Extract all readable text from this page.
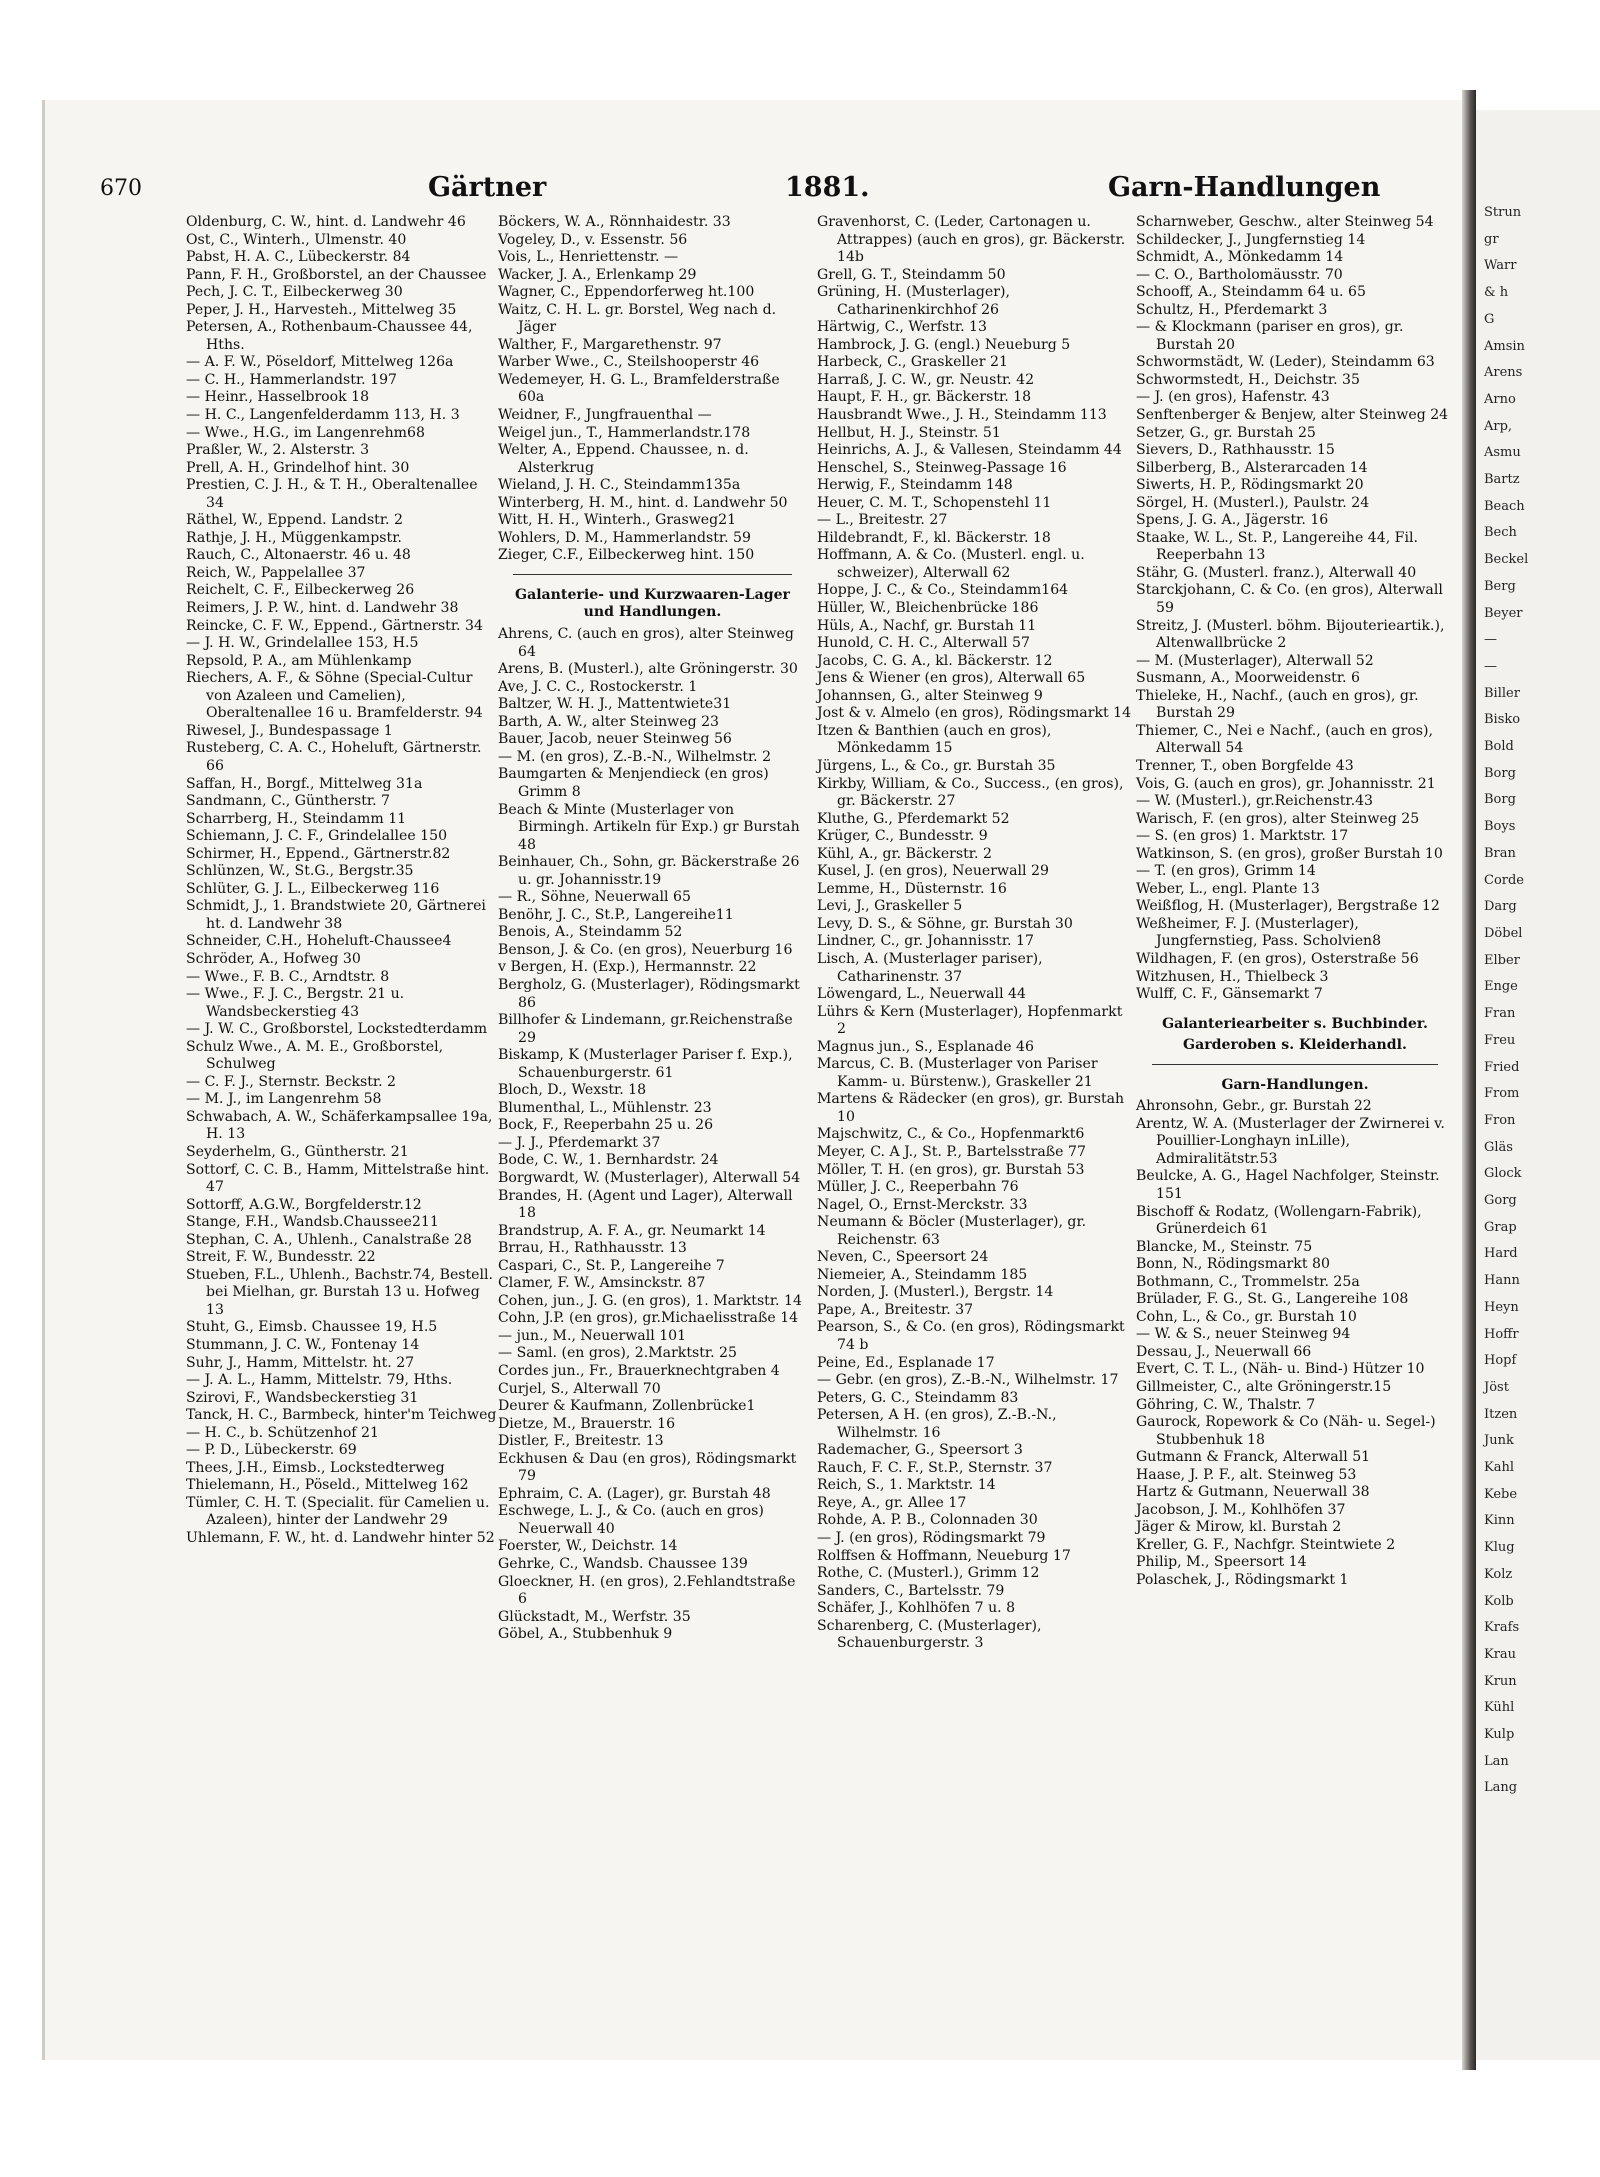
Strun
gr
Warr
& h
G
Amsin
Arens
Arno
Arp,
Asmu
Bartz
Beach
Bech
Beckel
Berg
Beyer
—
—
Biller
Bisko
Bold
Borg
Borg
Boys
Bran
Corde
Darg
Döbel
Elber
Enge
Fran
Freu
Fried
From
Fron
Gläs
Glock
Gorg
Grap
Hard
Hann
Heyn
Hoffr
Hopf
Jöst
Itzen
Junk
Kahl
Kebe
Kinn
Klug
Kolz
Kolb
Krafs
Krau
Krun
Kühl
Kulp
Lan
Lang
670	Gärtner	1881.	Garn-Handlungen
Oldenburg, C. W., hint. d. Landwehr 46
Ost, C., Winterh., Ulmenstr. 40
Pabst, H. A. C., Lübeckerstr. 84
Pann, F. H., Großborstel, an der Chaussee
Pech, J. C. T., Eilbeckerweg 30
Peper, J. H., Harvesteh., Mittelweg 35
Petersen, A., Rothenbaum-Chaussee 44, Hths.
— A. F. W., Pöseldorf, Mittelweg 126a
— C. H., Hammerlandstr. 197
— Heinr., Hasselbrook 18
— H. C., Langenfelderdamm 113, H. 3
— Wwe., H.G., im Langenrehm68
Praßler, W., 2. Alsterstr. 3
Prell, A. H., Grindelhof hint. 30
Prestien, C. J. H., & T. H., Oberaltenallee 34
Räthel, W., Eppend. Landstr. 2
Rathje, J. H., Müggenkampstr.
Rauch, C., Altonaerstr. 46 u. 48
Reich, W., Pappelallee 37
Reichelt, C. F., Eilbeckerweg 26
Reimers, J. P. W., hint. d. Landwehr 38
Reincke, C. F. W., Eppend., Gärtnerstr. 34
— J. H. W., Grindelallee 153, H.5
Repsold, P. A., am Mühlenkamp
Riechers, A. F., & Söhne (Special-Cultur von Azaleen und Camelien), Oberaltenallee 16 u. Bramfelderstr. 94
Riwesel, J., Bundespassage 1
Rusteberg, C. A. C., Hoheluft, Gärtnerstr. 66
Saffan, H., Borgf., Mittelweg 31a
Sandmann, C., Güntherstr. 7
Scharrberg, H., Steindamm 11
Schiemann, J. C. F., Grindelallee 150
Schirmer, H., Eppend., Gärtnerstr.82
Schlünzen, W., St.G., Bergstr.35
Schlüter, G. J. L., Eilbeckerweg 116
Schmidt, J., 1. Brandstwiete 20, Gärtnerei ht. d. Landwehr 38
Schneider, C.H., Hoheluft-Chaussee4
Schröder, A., Hofweg 30
— Wwe., F. B. C., Arndtstr. 8
— Wwe., F. J. C., Bergstr. 21 u. Wandsbeckerstieg 43
— J. W. C., Großborstel, Lockstedterdamm
Schulz Wwe., A. M. E., Großborstel, Schulweg
— C. F. J., Sternstr. Beckstr. 2
— M. J., im Langenrehm 58
Schwabach, A. W., Schäferkampsallee 19a, H. 13
Seyderhelm, G., Güntherstr. 21
Sottorf, C. C. B., Hamm, Mittelstraße hint. 47
Sottorff, A.G.W., Borgfelderstr.12
Stange, F.H., Wandsb.Chaussee211
Stephan, C. A., Uhlenh., Canalstraße 28
Streit, F. W., Bundesstr. 22
Stueben, F.L., Uhlenh., Bachstr.74, Bestell. bei Mielhan, gr. Burstah 13 u. Hofweg 13
Stuht, G., Eimsb. Chaussee 19, H.5
Stummann, J. C. W., Fontenay 14
Suhr, J., Hamm, Mittelstr. ht. 27
— J. A. L., Hamm, Mittelstr. 79, Hths.
Szirovi, F., Wandsbeckerstieg 31
Tanck, H. C., Barmbeck, hinter'm Teichweg
— H. C., b. Schützenhof 21
— P. D., Lübeckerstr. 69
Thees, J.H., Eimsb., Lockstedterweg
Thielemann, H., Pöseld., Mittelweg 162
Tümler, C. H. T. (Specialit. für Camelien u. Azaleen), hinter der Landwehr 29
Uhlemann, F. W., ht. d. Landwehr hinter 52
Böckers, W. A., Rönnhaidestr. 33
Vogeley, D., v. Essenstr. 56
Vois, L., Henriettenstr. —
Wacker, J. A., Erlenkamp 29
Wagner, C., Eppendorferweg ht.100
Waitz, C. H. L. gr. Borstel, Weg nach d. Jäger
Walther, F., Margarethenstr. 97
Warber Wwe., C., Steilshooperstr 46
Wedemeyer, H. G. L., Bramfelderstraße 60a
Weidner, F., Jungfrauenthal —
Weigel jun., T., Hammerlandstr.178
Welter, A., Eppend. Chaussee, n. d. Alsterkrug
Wieland, J. H. C., Steindamm135a
Winterberg, H. M., hint. d. Landwehr 50
Witt, H. H., Winterh., Grasweg21
Wohlers, D. M., Hammerlandstr. 59
Zieger, C.F., Eilbeckerweg hint. 150
Galanterie- und Kurzwaaren-Lager und Handlungen.
Ahrens, C. (auch en gros), alter Steinweg 64
Arens, B. (Musterl.), alte Gröningerstr. 30
Ave, J. C. C., Rostockerstr. 1
Baltzer, W. H. J., Mattentwiete31
Barth, A. W., alter Steinweg 23
Bauer, Jacob, neuer Steinweg 56
— M. (en gros), Z.-B.-N., Wilhelmstr. 2
Baumgarten & Menjendieck (en gros) Grimm 8
Beach & Minte (Musterlager von Birmingh. Artikeln für Exp.) gr Burstah 48
Beinhauer, Ch., Sohn, gr. Bäckerstraße 26 u. gr. Johannisstr.19
— R., Söhne, Neuerwall 65
Benöhr, J. C., St.P., Langereihe11
Benois, A., Steindamm 52
Benson, J. & Co. (en gros), Neuerburg 16
v Bergen, H. (Exp.), Hermannstr. 22
Bergholz, G. (Musterlager), Rödingsmarkt 86
Billhofer & Lindemann, gr.Reichenstraße 29
Biskamp, K (Musterlager Pariser f. Exp.), Schauenburgerstr. 61
Bloch, D., Wexstr. 18
Blumenthal, L., Mühlenstr. 23
Bock, F., Reeperbahn 25 u. 26
— J. J., Pferdemarkt 37
Bode, C. W., 1. Bernhardstr. 24
Borgwardt, W. (Musterlager), Alterwall 54
Brandes, H. (Agent und Lager), Alterwall 18
Brandstrup, A. F. A., gr. Neumarkt 14
Brrau, H., Rathhausstr. 13
Caspari, C., St. P., Langereihe 7
Clamer, F. W., Amsinckstr. 87
Cohen, jun., J. G. (en gros), 1. Marktstr. 14
Cohn, J.P. (en gros), gr.Michaelisstraße 14
— jun., M., Neuerwall 101
— Saml. (en gros), 2.Marktstr. 25
Cordes jun., Fr., Brauerknechtgraben 4
Curjel, S., Alterwall 70
Deurer & Kaufmann, Zollenbrücke1
Dietze, M., Brauerstr. 16
Distler, F., Breitestr. 13
Eckhusen & Dau (en gros), Rödingsmarkt 79
Ephraim, C. A. (Lager), gr. Burstah 48
Eschwege, L. J., & Co. (auch en gros) Neuerwall 40
Foerster, W., Deichstr. 14
Gehrke, C., Wandsb. Chaussee 139
Gloeckner, H. (en gros), 2.Fehlandtstraße 6
Glückstadt, M., Werfstr. 35
Göbel, A., Stubbenhuk 9
Gravenhorst, C. (Leder, Cartonagen u. Attrappes) (auch en gros), gr. Bäckerstr. 14b
Grell, G. T., Steindamm 50
Grüning, H. (Musterlager), Catharinenkirchhof 26
Härtwig, C., Werfstr. 13
Hambrock, J. G. (engl.) Neueburg 5
Harbeck, C., Graskeller 21
Harraß, J. C. W., gr. Neustr. 42
Haupt, F. H., gr. Bäckerstr. 18
Hausbrandt Wwe., J. H., Steindamm 113
Hellbut, H. J., Steinstr. 51
Heinrichs, A. J., & Vallesen, Steindamm 44
Henschel, S., Steinweg-Passage 16
Herwig, F., Steindamm 148
Heuer, C. M. T., Schopenstehl 11
— L., Breitestr. 27
Hildebrandt, F., kl. Bäckerstr. 18
Hoffmann, A. & Co. (Musterl. engl. u. schweizer), Alterwall 62
Hoppe, J. C., & Co., Steindamm164
Hüller, W., Bleichenbrücke 186
Hüls, A., Nachf, gr. Burstah 11
Hunold, C. H. C., Alterwall 57
Jacobs, C. G. A., kl. Bäckerstr. 12
Jens & Wiener (en gros), Alterwall 65
Johannsen, G., alter Steinweg 9
Jost & v. Almelo (en gros), Rödingsmarkt 14
Itzen & Banthien (auch en gros), Mönkedamm 15
Jürgens, L., & Co., gr. Burstah 35
Kirkby, William, & Co., Success., (en gros), gr. Bäckerstr. 27
Kluthe, G., Pferdemarkt 52
Krüger, C., Bundesstr. 9
Kühl, A., gr. Bäckerstr. 2
Kusel, J. (en gros), Neuerwall 29
Lemme, H., Düsternstr. 16
Levi, J., Graskeller 5
Levy, D. S., & Söhne, gr. Burstah 30
Lindner, C., gr. Johannisstr. 17
Lisch, A. (Musterlager pariser), Catharinenstr. 37
Löwengard, L., Neuerwall 44
Lührs & Kern (Musterlager), Hopfenmarkt 2
Magnus jun., S., Esplanade 46
Marcus, C. B. (Musterlager von Pariser Kamm- u. Bürstenw.), Graskeller 21
Martens & Rädecker (en gros), gr. Burstah 10
Majschwitz, C., & Co., Hopfenmarkt6
Meyer, C. A J., St. P., Bartelsstraße 77
Möller, T. H. (en gros), gr. Burstah 53
Müller, J. C., Reeperbahn 76
Nagel, O., Ernst-Merckstr. 33
Neumann & Böcler (Musterlager), gr. Reichenstr. 63
Neven, C., Speersort 24
Niemeier, A., Steindamm 185
Norden, J. (Musterl.), Bergstr. 14
Pape, A., Breitestr. 37
Pearson, S., & Co. (en gros), Rödingsmarkt 74 b
Peine, Ed., Esplanade 17
— Gebr. (en gros), Z.-B.-N., Wilhelmstr. 17
Peters, G. C., Steindamm 83
Petersen, A H. (en gros), Z.-B.-N., Wilhelmstr. 16
Rademacher, G., Speersort 3
Rauch, F. C. F., St.P., Sternstr. 37
Reich, S., 1. Marktstr. 14
Reye, A., gr. Allee 17
Rohde, A. P. B., Colonnaden 30
— J. (en gros), Rödingsmarkt 79
Rolffsen & Hoffmann, Neueburg 17
Rothe, C. (Musterl.), Grimm 12
Sanders, C., Bartelsstr. 79
Schäfer, J., Kohlhöfen 7 u. 8
Scharenberg, C. (Musterlager), Schauenburgerstr. 3
Scharnweber, Geschw., alter Steinweg 54
Schildecker, J., Jungfernstieg 14
Schmidt, A., Mönkedamm 14
— C. O., Bartholomäusstr. 70
Schooff, A., Steindamm 64 u. 65
Schultz, H., Pferdemarkt 3
— & Klockmann (pariser en gros), gr. Burstah 20
Schwormstädt, W. (Leder), Steindamm 63
Schwormstedt, H., Deichstr. 35
— J. (en gros), Hafenstr. 43
Senftenberger & Benjew, alter Steinweg 24
Setzer, G., gr. Burstah 25
Sievers, D., Rathhausstr. 15
Silberberg, B., Alsterarcaden 14
Siwerts, H. P., Rödingsmarkt 20
Sörgel, H. (Musterl.), Paulstr. 24
Spens, J. G. A., Jägerstr. 16
Staake, W. L., St. P., Langereihe 44, Fil. Reeperbahn 13
Stähr, G. (Musterl. franz.), Alterwall 40
Starckjohann, C. & Co. (en gros), Alterwall 59
Streitz, J. (Musterl. böhm. Bijouterieartik.), Altenwallbrücke 2
— M. (Musterlager), Alterwall 52
Susmann, A., Moorweidenstr. 6
Thieleke, H., Nachf., (auch en gros), gr. Burstah 29
Thiemer, C., Nei e Nachf., (auch en gros), Alterwall 54
Trenner, T., oben Borgfelde 43
Vois, G. (auch en gros), gr. Johannisstr. 21
— W. (Musterl.), gr.Reichenstr.43
Warisch, F. (en gros), alter Steinweg 25
— S. (en gros) 1. Marktstr. 17
Watkinson, S. (en gros), großer Burstah 10
— T. (en gros), Grimm 14
Weber, L., engl. Plante 13
Weißflog, H. (Musterlager), Bergstraße 12
Weßheimer, F. J. (Musterlager), Jungfernstieg, Pass. Scholvien8
Wildhagen, F. (en gros), Osterstraße 56
Witzhusen, H., Thielbeck 3
Wulff, C. F., Gänsemarkt 7
Galanteriearbeiter s. Buchbinder.
Garderoben s. Kleiderhandl.
Garn-Handlungen.
Ahronsohn, Gebr., gr. Burstah 22
Arentz, W. A. (Musterlager der Zwirnerei v. Pouillier-Longhayn inLille), Admiralitätstr.53
Beulcke, A. G., Hagel Nachfolger, Steinstr. 151
Bischoff & Rodatz, (Wollengarn-Fabrik), Grünerdeich 61
Blancke, M., Steinstr. 75
Bonn, N., Rödingsmarkt 80
Bothmann, C., Trommelstr. 25a
Brülader, F. G., St. G., Langereihe 108
Cohn, L., & Co., gr. Burstah 10
— W. & S., neuer Steinweg 94
Dessau, J., Neuerwall 66
Evert, C. T. L., (Näh- u. Bind-) Hützer 10
Gillmeister, C., alte Gröningerstr.15
Göhring, C. W., Thalstr. 7
Gaurock, Ropework & Co (Näh- u. Segel-) Stubbenhuk 18
Gutmann & Franck, Alterwall 51
Haase, J. P. F., alt. Steinweg 53
Hartz & Gutmann, Neuerwall 38
Jacobson, J. M., Kohlhöfen 37
Jäger & Mirow, kl. Burstah 2
Kreller, G. F., Nachfgr. Steintwiete 2
Philip, M., Speersort 14
Polaschek, J., Rödingsmarkt 1
